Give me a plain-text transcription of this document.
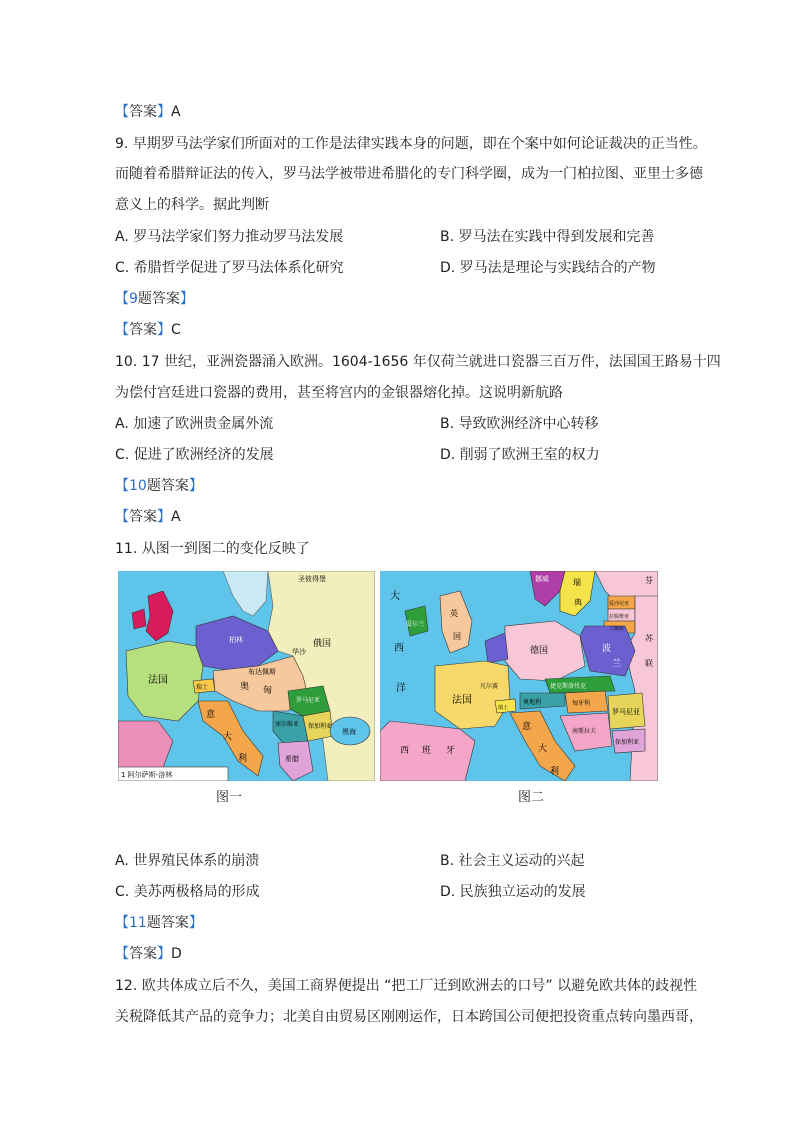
【答案】A
9. 早期罗马法学家们所面对的工作是法律实践本身的问题，即在个案中如何论证裁决的正当性。
而随着希腊辩证法的传入，罗马法学被带进希腊化的专门科学圈，成为一门柏拉图、亚里士多德
意义上的科学。据此判断
A. 罗马法学家们努力推动罗马法发展	B. 罗马法在实践中得到发展和完善
C. 希腊哲学促进了罗马法体系化研究	D. 罗马法是理论与实践结合的产物
【9题答案】
【答案】C
10. 17 世纪，亚洲瓷器涌入欧洲。1604-1656 年仅荷兰就进口瓷器三百万件，法国国王路易十四
为偿付宫廷进口瓷器的费用，甚至将宫内的金银器熔化掉。这说明新航路
A. 加速了欧洲贵金属外流	B. 导致欧洲经济中心转移
C. 促进了欧洲经济的发展	D. 削弱了欧洲王室的权力
【10题答案】
【答案】A
11. 从图一到图二的变化反映了
圣彼得堡
柏林
华沙
俄国
法国
奥 匈
布达佩斯
瑞士
罗马尼亚
保加利亚
塞尔维亚
意
大
利	希腊
1 阿尔萨斯-洛林
黑海
大
西
洋
英
国
爱尔兰
挪威	瑞
典
芬
爱沙尼亚
拉脱维亚
立陶宛
苏
联
凡尔赛
德国
法国
波
兰
捷克斯洛伐克
奥地利	匈牙利
瑞士	罗马尼亚
意
大
利
西 班 牙
南斯拉夫
保加利亚
图一	图二
A. 世界殖民体系的崩溃	B. 社会主义运动的兴起
C. 美苏两极格局的形成	D. 民族独立运动的发展
【11题答案】
【答案】D
12. 欧共体成立后不久，美国工商界便提出 “把工厂迁到欧洲去的口号” 以避免欧共体的歧视性
关税降低其产品的竞争力；北美自由贸易区刚刚运作，日本跨国公司便把投资重点转向墨西哥，
